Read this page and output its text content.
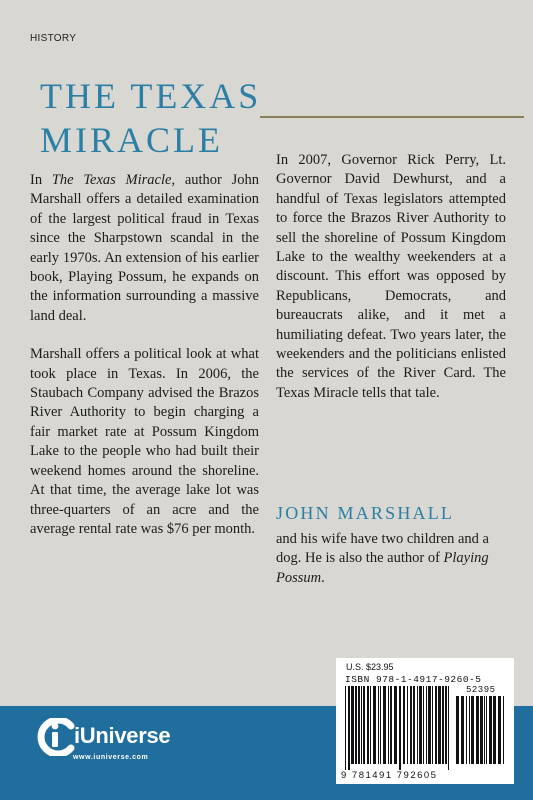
HISTORY
THE TEXAS
MIRACLE

In The Texas Miracle, author John Marshall offers a detailed examination of the largest political fraud in Texas since the Sharpstown scandal in the early 1970s. An extension of his earlier book, Playing Possum, he expands on the information surrounding a massive land deal.

Marshall offers a political look at what took place in Texas. In 2006, the Staubach Company advised the Brazos River Authority to begin charging a fair market rate at Possum Kingdom Lake to the people who had built their weekend homes around the shoreline. At that time, the average lake lot was three-quarters of an acre and the average rental rate was $76 per month.

In 2007, Governor Rick Perry, Lt. Governor David Dewhurst, and a handful of Texas legislators attempted to force the Brazos River Authority to sell the shoreline of Possum Kingdom Lake to the wealthy weekenders at a discount. This effort was opposed by Republicans, Democrats, and bureaucrats alike, and it met a humiliating defeat. Two years later, the weekenders and the politicians enlisted the services of the River Card. The Texas Miracle tells that tale.

JOHN MARSHALL
and his wife have two children and a dog. He is also the author of Playing Possum.
iUniverse
www.iuniverse.com
U.S. $23.95
ISBN 978-1-4917-9260-5
52395
9 781491 792605
